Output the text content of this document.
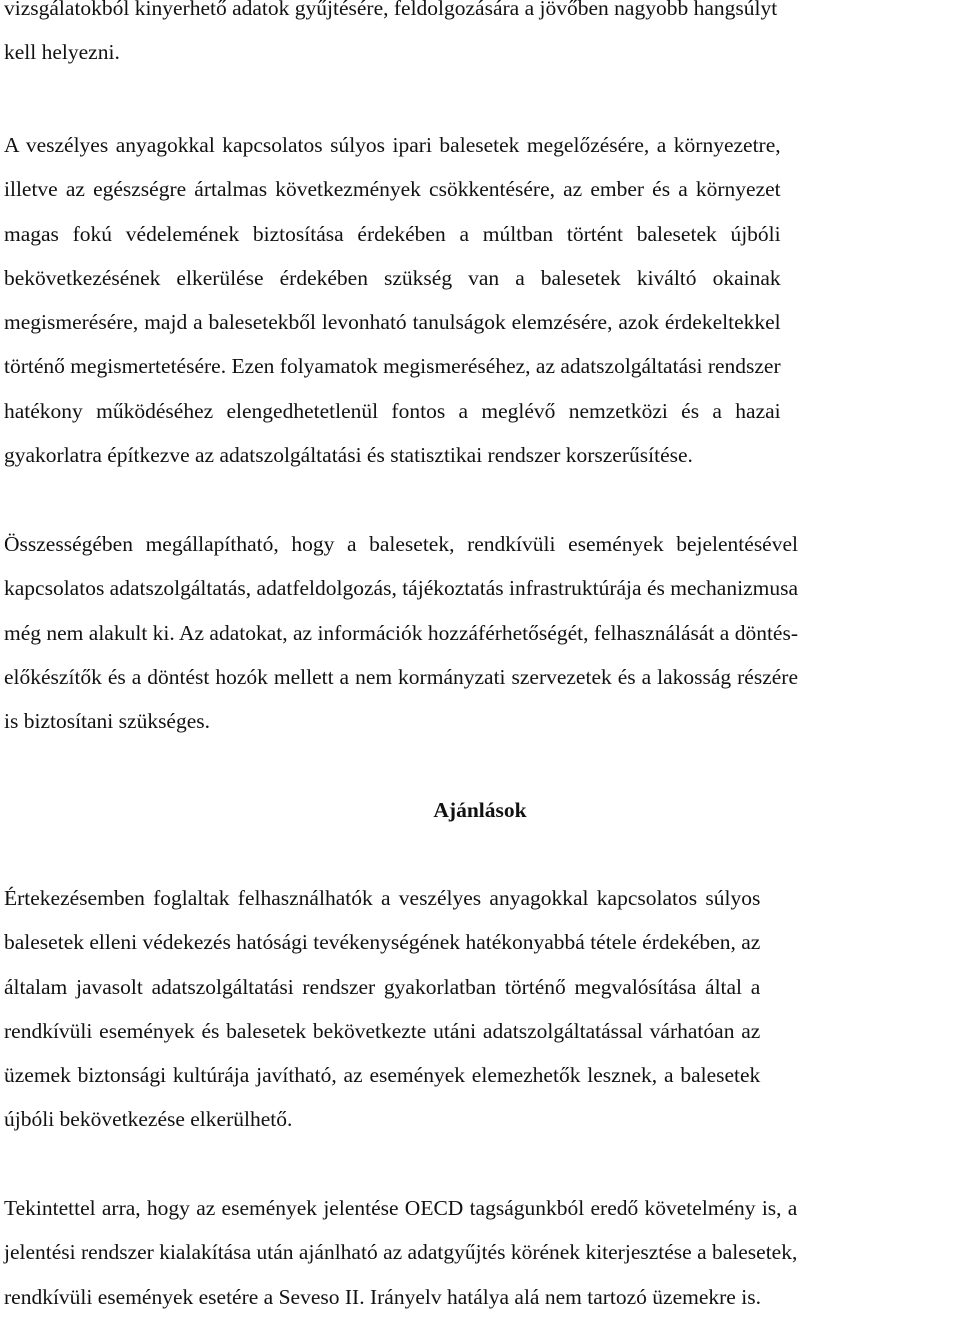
vizsgálatokból kinyerhető adatok gyűjtésére, feldolgozására a jövőben nagyobb hangsúlyt
kell helyezni.

A veszélyes anyagokkal kapcsolatos súlyos ipari balesetek megelőzésére, a környezetre,
illetve az egészségre ártalmas következmények csökkentésére, az ember és a környezet
magas fokú védelemének biztosítása érdekében a múltban történt balesetek újbóli
bekövetkezésének elkerülése érdekében szükség van a balesetek kiváltó okainak
megismerésére, majd a balesetekből levonható tanulságok elemzésére, azok érdekeltekkel
történő megismertetésére. Ezen folyamatok megismeréséhez, az adatszolgáltatási rendszer
hatékony működéséhez elengedhetetlenül fontos a meglévő nemzetközi és a hazai
gyakorlatra építkezve az adatszolgáltatási és statisztikai rendszer korszerűsítése.

Összességében megállapítható, hogy a balesetek, rendkívüli események bejelentésével
kapcsolatos adatszolgáltatás, adatfeldolgozás, tájékoztatás infrastruktúrája és mechanizmusa
még nem alakult ki. Az adatokat, az információk hozzáférhetőségét, felhasználását a döntés-
előkészítők és a döntést hozók mellett a nem kormányzati szervezetek és a lakosság részére
is biztosítani szükséges.

Ajánlások

Értekezésemben foglaltak felhasználhatók a veszélyes anyagokkal kapcsolatos súlyos
balesetek elleni védekezés hatósági tevékenységének hatékonyabbá tétele érdekében, az
általam javasolt adatszolgáltatási rendszer gyakorlatban történő megvalósítása által a
rendkívüli események és balesetek bekövetkezte utáni adatszolgáltatással várhatóan az
üzemek biztonsági kultúrája javítható, az események elemezhetők lesznek, a balesetek
újbóli bekövetkezése elkerülhető.

Tekintettel arra, hogy az események jelentése OECD tagságunkból eredő követelmény is, a
jelentési rendszer kialakítása után ajánlható az adatgyűjtés körének kiterjesztése a balesetek,
rendkívüli események esetére a Seveso II. Irányelv hatálya alá nem tartozó üzemekre is.
